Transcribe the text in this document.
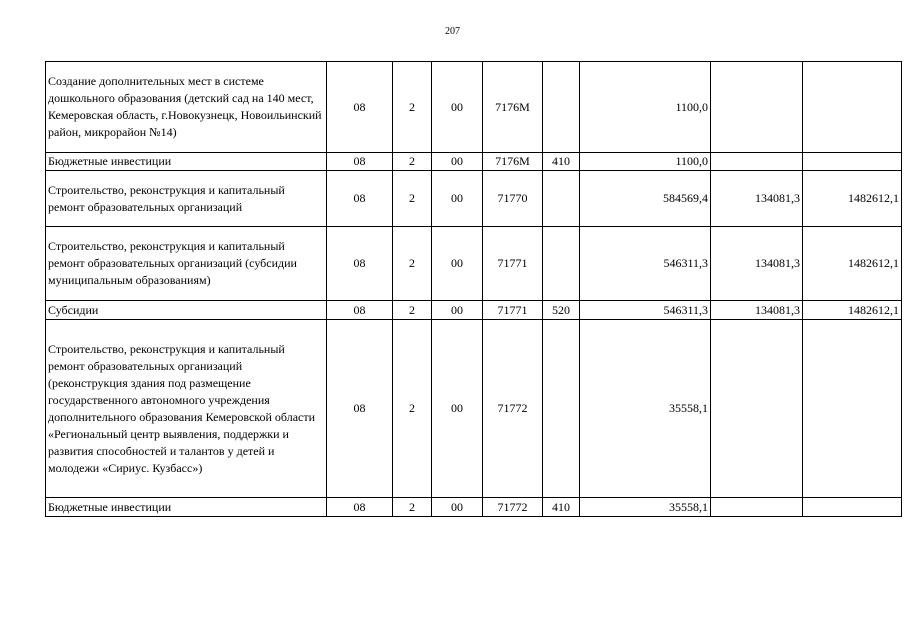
207
Создание дополнительных мест в системе дошкольного образования (детский сад на 140 мест, Кемеровская область, г.Новокузнецк, Новоильинский район, микрорайон №14)	08	2	00	7176М		1100,0		
Бюджетные инвестиции	08	2	00	7176М	410	1100,0		
Строительство, реконструкция и капитальный ремонт образовательных организаций	08	2	00	71770		584569,4	134081,3	1482612,1
Строительство, реконструкция и капитальный ремонт образовательных организаций (субсидии муниципальным образованиям)	08	2	00	71771		546311,3	134081,3	1482612,1
Субсидии	08	2	00	71771	520	546311,3	134081,3	1482612,1
Строительство, реконструкция и капитальный ремонт образовательных организаций (реконструкция здания под размещение государственного автономного учреждения дополнительного образования Кемеровской области «Региональный центр выявления, поддержки и развития способностей и талантов у детей и молодежи «Сириус. Кузбасс»)	08	2	00	71772		35558,1		
Бюджетные инвестиции	08	2	00	71772	410	35558,1		
